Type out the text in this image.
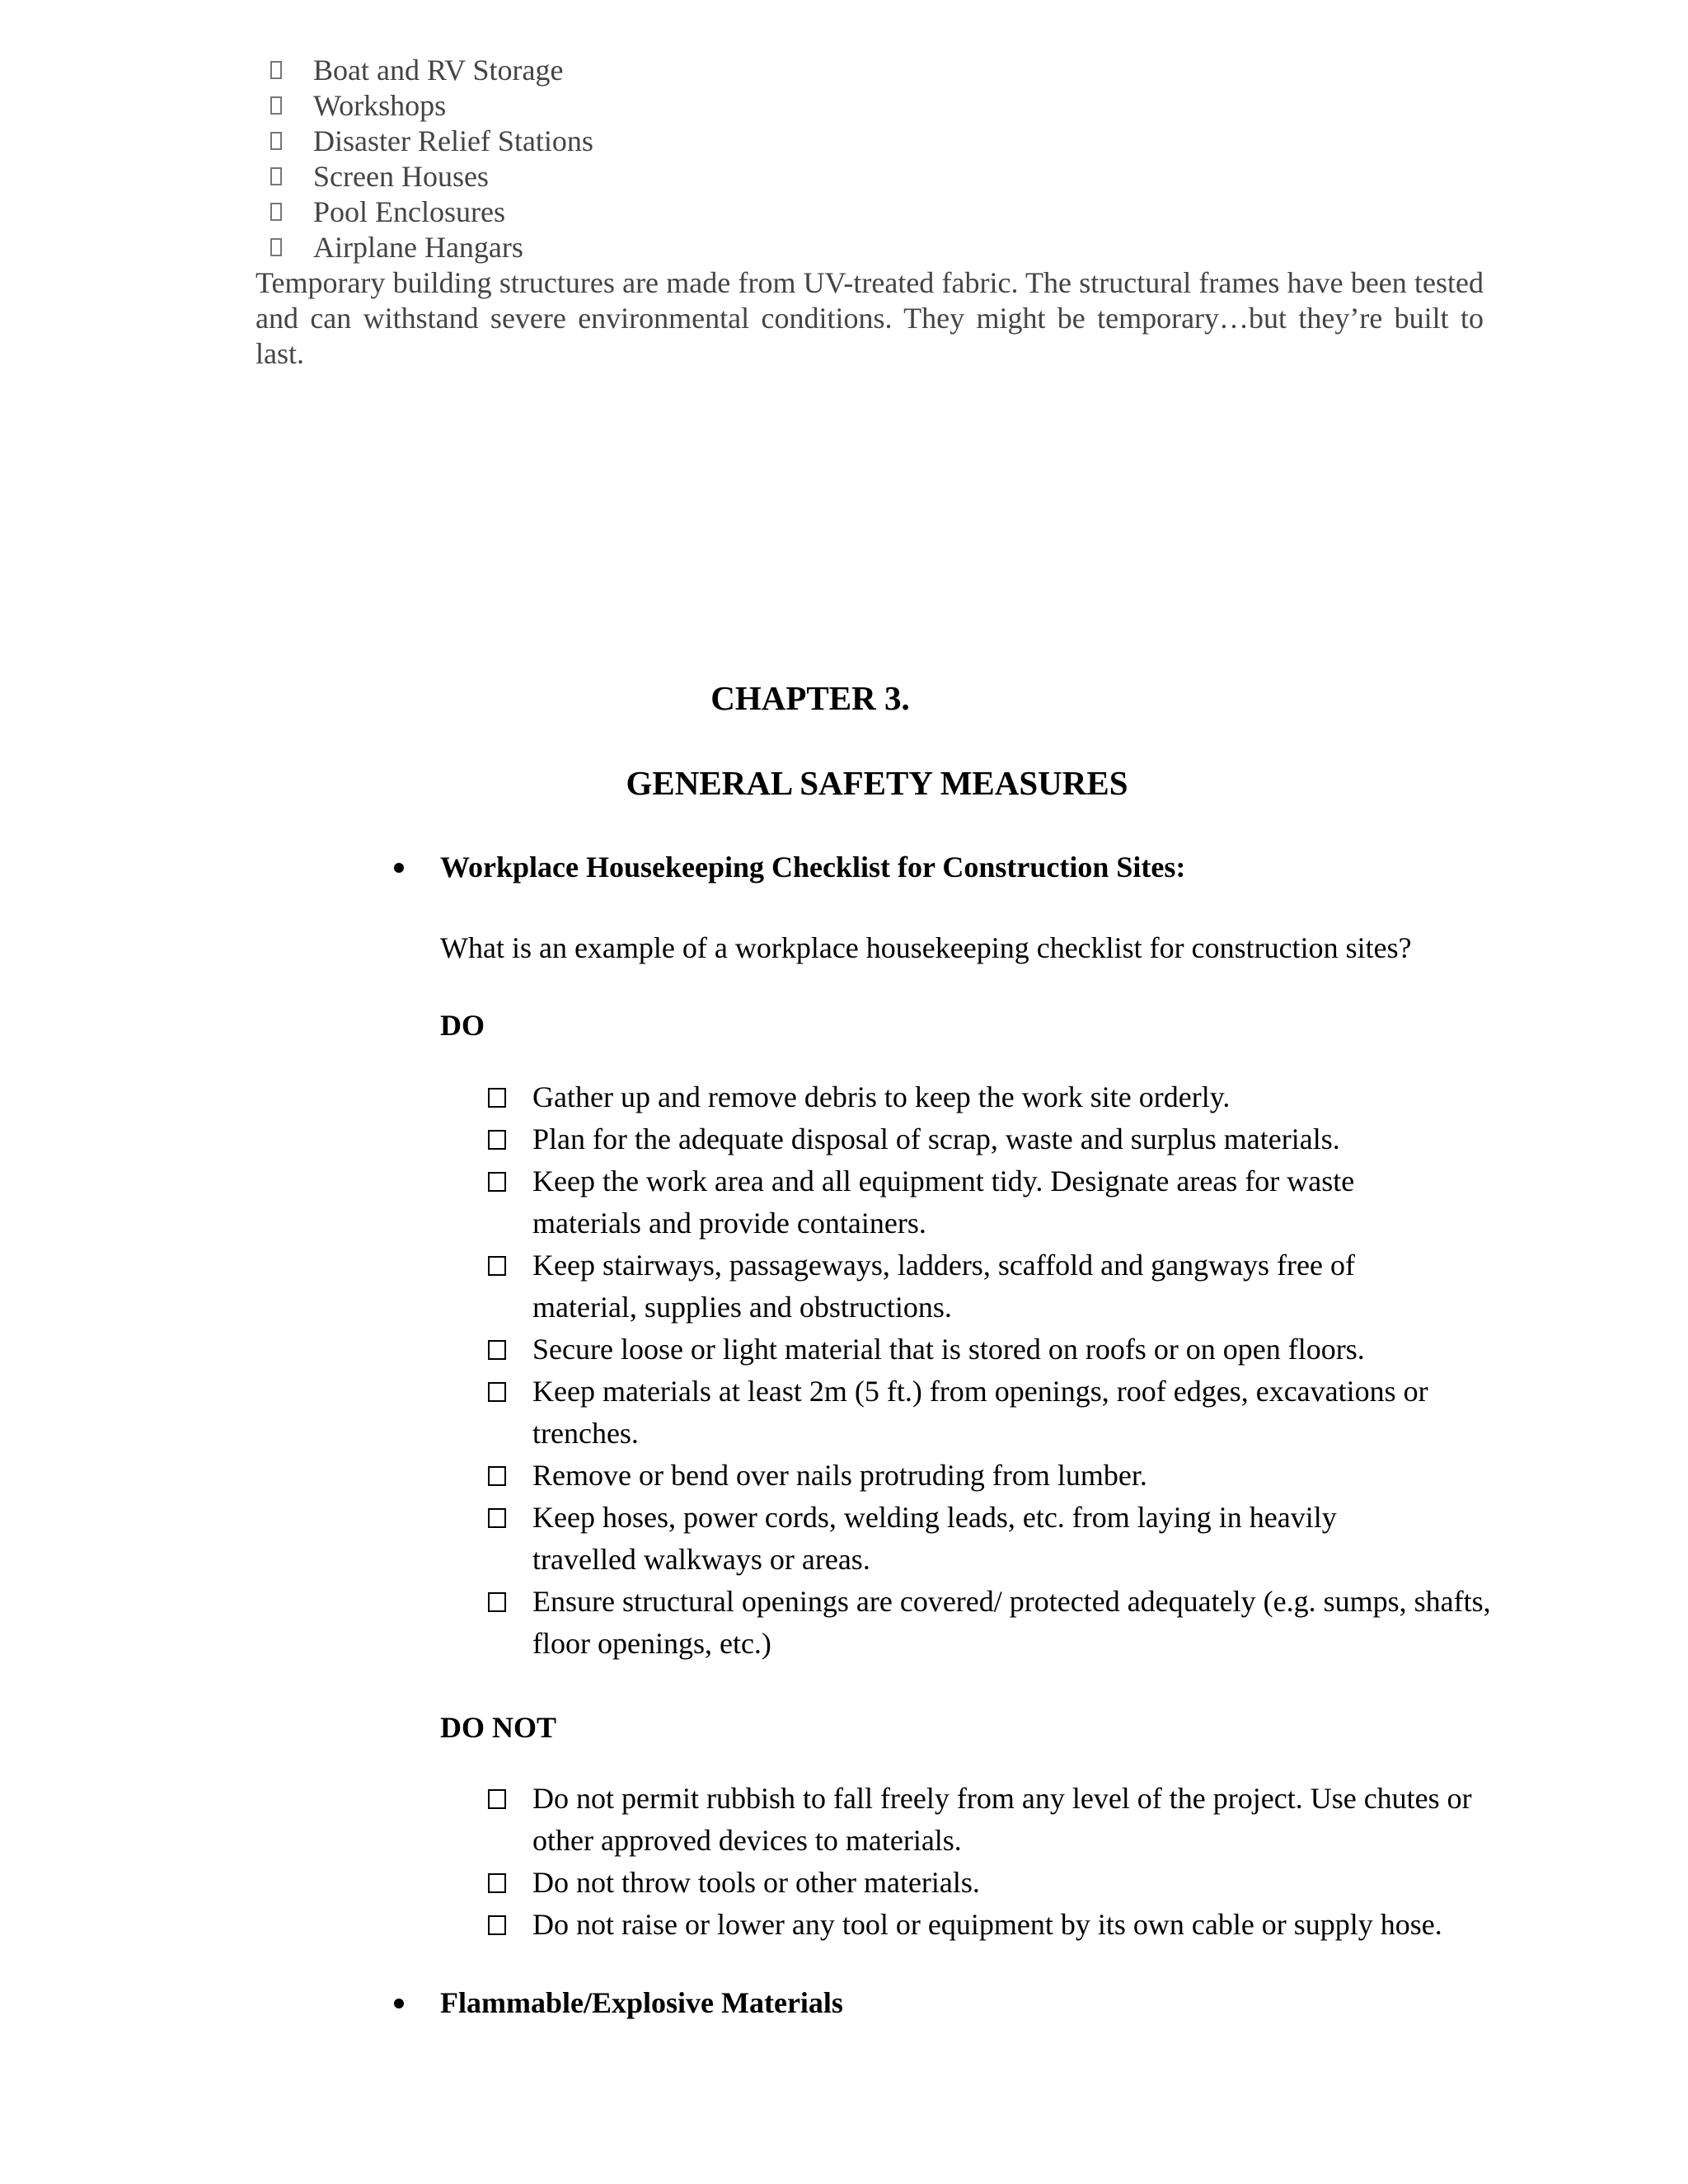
Boat and RV Storage
Workshops
Disaster Relief Stations
Screen Houses
Pool Enclosures
Airplane Hangars

Temporary building structures are made from UV-treated fabric. The structural frames have been tested and can withstand severe environmental conditions. They might be temporary…but they’re built to last.

CHAPTER 3.
GENERAL SAFETY MEASURES
Workplace Housekeeping Checklist for Construction Sites:
What is an example of a workplace housekeeping checklist for construction sites?
DO
Gather up and remove debris to keep the work site orderly.
Plan for the adequate disposal of scrap, waste and surplus materials.
Keep the work area and all equipment tidy. Designate areas for waste materials and provide containers.
Keep stairways, passageways, ladders, scaffold and gangways free of material, supplies and obstructions.
Secure loose or light material that is stored on roofs or on open floors.
Keep materials at least 2m (5 ft.) from openings, roof edges, excavations or trenches.
Remove or bend over nails protruding from lumber.
Keep hoses, power cords, welding leads, etc. from laying in heavily travelled walkways or areas.
Ensure structural openings are covered/ protected adequately (e.g. sumps, shafts, floor openings, etc.)
DO NOT
Do not permit rubbish to fall freely from any level of the project. Use chutes or other approved devices to materials.
Do not throw tools or other materials.
Do not raise or lower any tool or equipment by its own cable or supply hose.
Flammable/Explosive Materials
